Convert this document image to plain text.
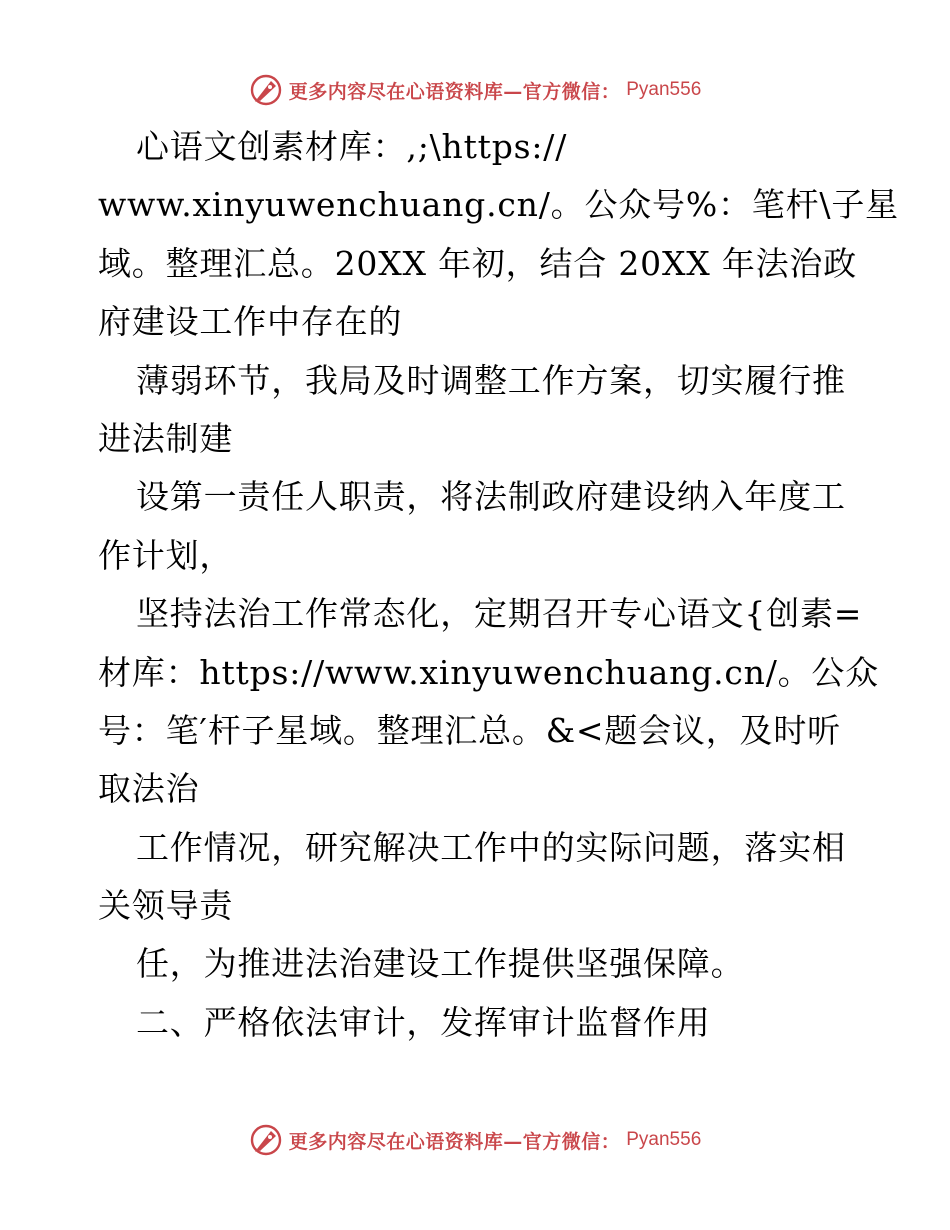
更多内容尽在心语资料库—官方微信： Pyan556
心语文创素材库：,;\https://
www.xinyuwenchuang.cn/。公众号%：笔杆\子星
域。整理汇总。20XX 年初，结合 20XX 年法治政
府建设工作中存在的
薄弱环节，我局及时调整工作方案，切实履行推
进法制建
设第一责任人职责，将法制政府建设纳入年度工
作计划，
坚持法治工作常态化，定期召开专心语文{创素=
材库：https://www.xinyuwenchuang.cn/。公众
号：笔′杆子星域。整理汇总。&<题会议，及时听
取法治
工作情况，研究解决工作中的实际问题，落实相
关领导责
任，为推进法治建设工作提供坚强保障。
二、严格依法审计，发挥审计监督作用
更多内容尽在心语资料库—官方微信： Pyan556
